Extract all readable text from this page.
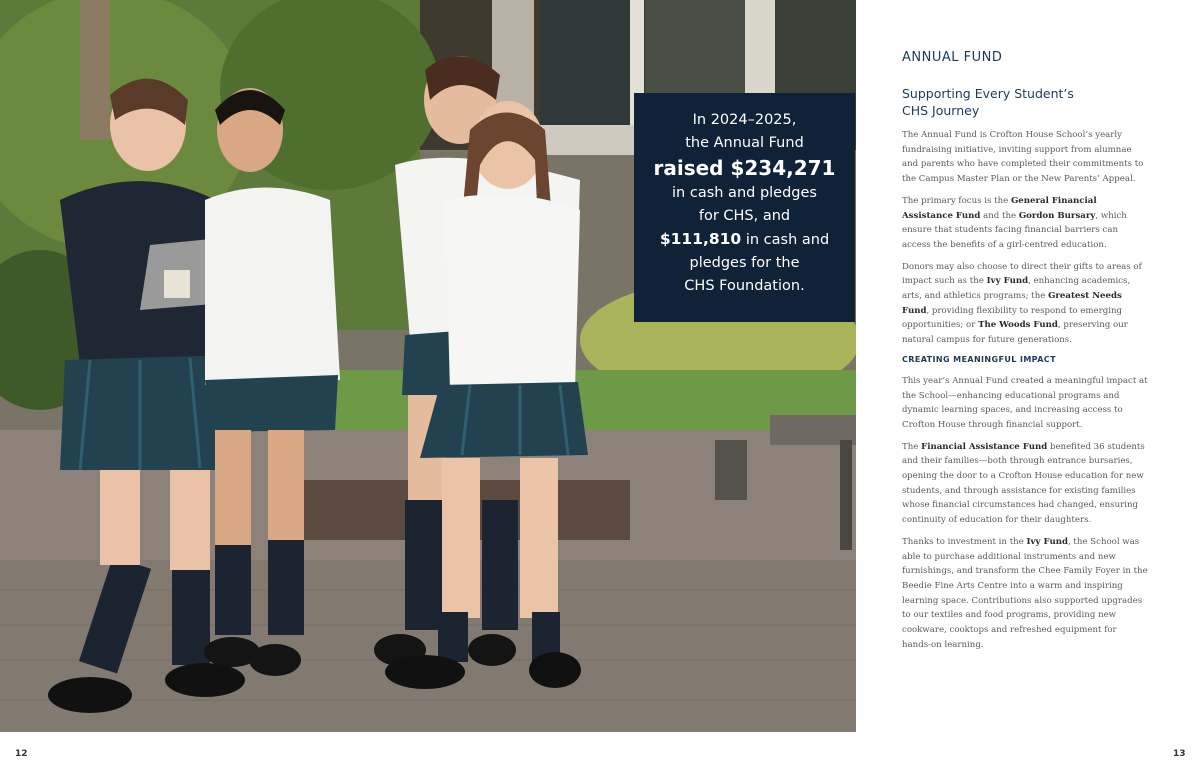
In 2024–2025,
the Annual Fund
raised $234,271
in cash and pledges
for CHS, and
$111,810 in cash and
pledges for the
CHS Foundation.
ANNUAL FUND
Supporting Every Student’s CHS Journey

The Annual Fund is Crofton House School’s yearly fundraising initiative, inviting support from alumnae and parents who have completed their commitments to the Campus Master Plan or the New Parents’ Appeal.

The primary focus is the General Financial Assistance Fund and the Gordon Bursary, which ensure that students facing financial barriers can access the benefits of a girl-centred education.

Donors may also choose to direct their gifts to areas of impact such as the Ivy Fund, enhancing academics, arts, and athletics programs; the Greatest Needs Fund, providing flexibility to respond to emerging opportunities; or The Woods Fund, preserving our natural campus for future generations.

CREATING MEANINGFUL IMPACT

This year’s Annual Fund created a meaningful impact at the School—enhancing educational programs and dynamic learning spaces, and increasing access to Crofton House through financial support.

The Financial Assistance Fund benefited 36 students and their families—both through entrance bursaries, opening the door to a Crofton House education for new students, and through assistance for existing families whose financial circumstances had changed, ensuring continuity of education for their daughters.

Thanks to investment in the Ivy Fund, the School was able to purchase additional instruments and new furnishings, and transform the Chee Family Foyer in the Beedie Fine Arts Centre into a warm and inspiring learning space. Contributions also supported upgrades to our textiles and food programs, providing new cookware, cooktops and refreshed equipment for hands-on learning.

12	13
